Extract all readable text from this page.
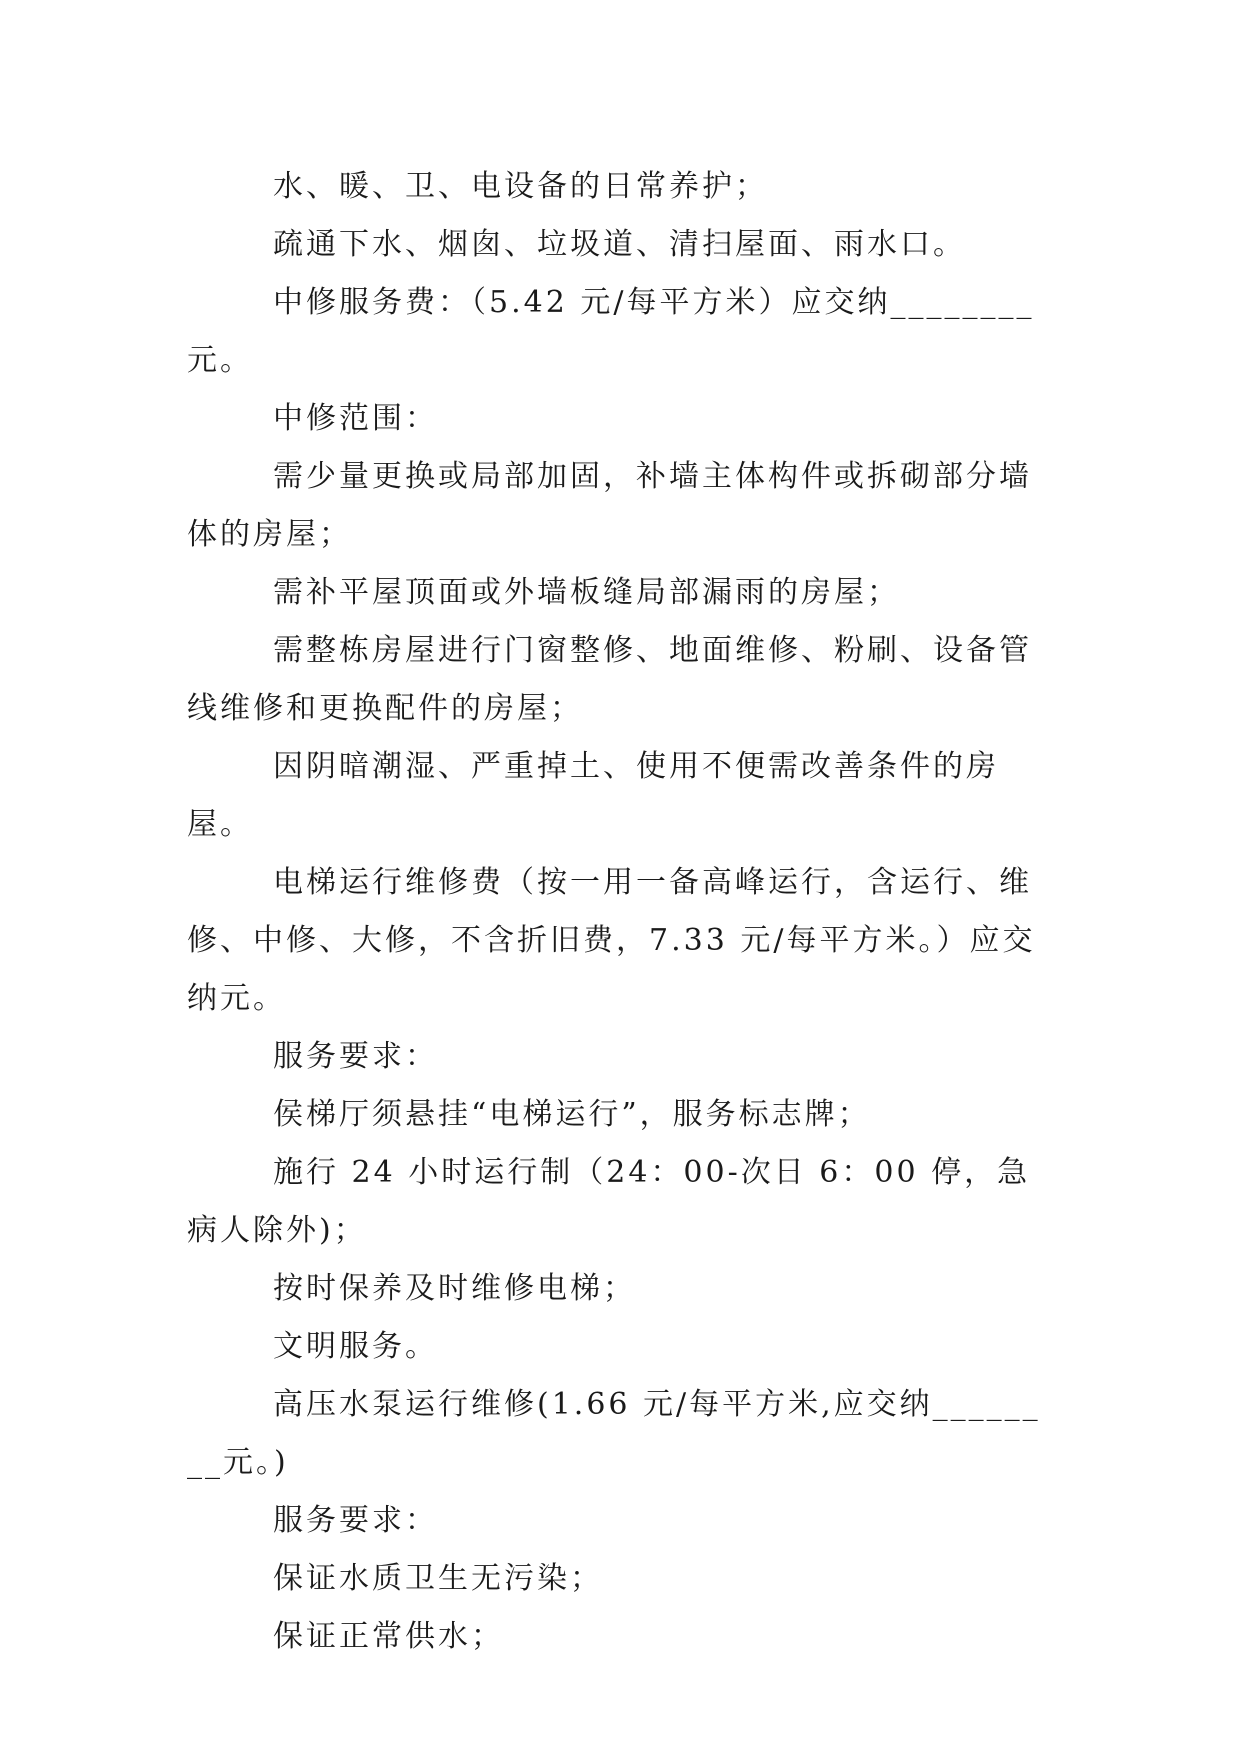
水、暖、卫、电设备的日常养护；

疏通下水、烟囱、垃圾道、清扫屋面、雨水口。

中修服务费：（5.42 元/每平方米）应交纳________元。

中修范围：

需少量更换或局部加固，补墙主体构件或拆砌部分墙体的房屋；

需补平屋顶面或外墙板缝局部漏雨的房屋；

需整栋房屋进行门窗整修、地面维修、粉刷、设备管线维修和更换配件的房屋；

因阴暗潮湿、严重掉土、使用不便需改善条件的房屋。

电梯运行维修费（按一用一备高峰运行，含运行、维修、中修、大修，不含折旧费，7.33 元/每平方米。）应交纳元。

服务要求：

侯梯厅须悬挂“电梯运行”，服务标志牌；

施行 24 小时运行制（24：00-次日 6：00 停，急病人除外)；

按时保养及时维修电梯；

文明服务。

高压水泵运行维修(1.66 元/每平方米,应交纳________元。)

服务要求：

保证水质卫生无污染；

保证正常供水；
